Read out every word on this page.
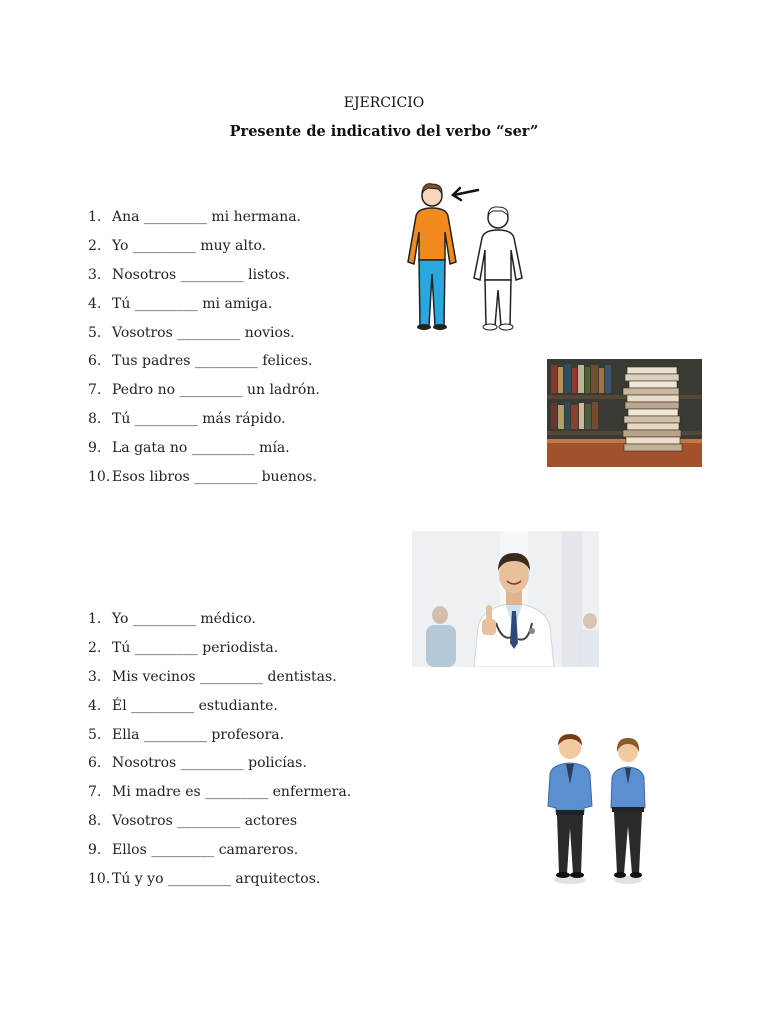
EJERCICIO
Presente de indicativo del verbo “ser”
1. Ana _________ mi hermana.
2. Yo _________ muy alto.
3. Nosotros _________ listos.
4. Tú _________ mi amiga.
5. Vosotros _________ novios.
6. Tus padres _________ felices.
7. Pedro no _________ un ladrón.
8. Tú _________ más rápido.
9. La gata no _________ mía.
10. Esos libros _________ buenos.
1. Yo _________ médico.
2. Tú _________ periodista.
3. Mis vecinos _________ dentistas.
4. Él _________ estudiante.
5. Ella _________ profesora.
6. Nosotros _________ policías.
7. Mi madre es _________ enfermera.
8. Vosotros _________ actores
9. Ellos _________ camareros.
10. Tú y yo _________ arquitectos.
